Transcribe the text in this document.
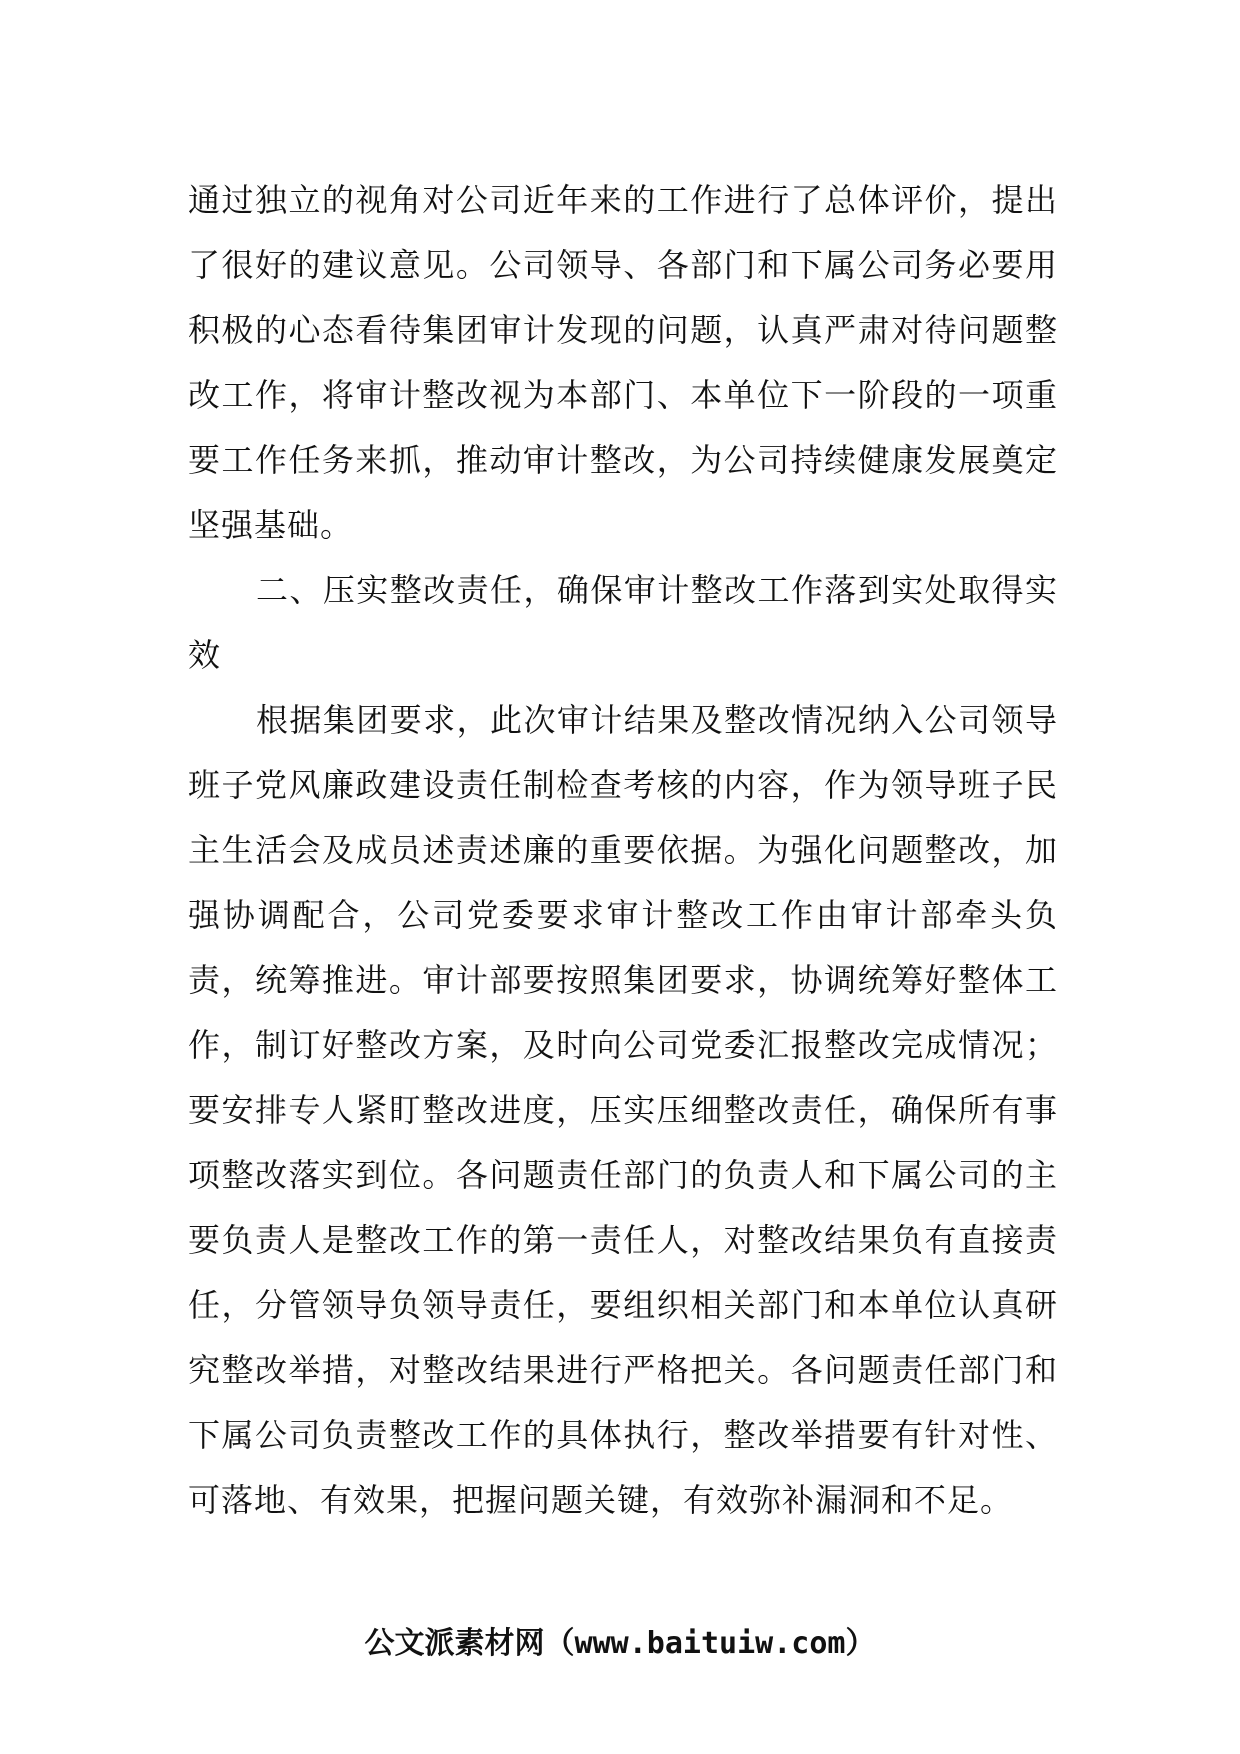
通过独立的视角对公司近年来的工作进行了总体评价，提出了很好的建议意见。公司领导、各部门和下属公司务必要用积极的心态看待集团审计发现的问题，认真严肃对待问题整改工作，将审计整改视为本部门、本单位下一阶段的一项重要工作任务来抓，推动审计整改，为公司持续健康发展奠定坚强基础。

二、压实整改责任，确保审计整改工作落到实处取得实效

根据集团要求，此次审计结果及整改情况纳入公司领导班子党风廉政建设责任制检查考核的内容，作为领导班子民主生活会及成员述责述廉的重要依据。为强化问题整改，加强协调配合，公司党委要求审计整改工作由审计部牵头负责，统筹推进。审计部要按照集团要求，协调统筹好整体工作，制订好整改方案，及时向公司党委汇报整改完成情况；要安排专人紧盯整改进度，压实压细整改责任，确保所有事项整改落实到位。各问题责任部门的负责人和下属公司的主要负责人是整改工作的第一责任人，对整改结果负有直接责任，分管领导负领导责任，要组织相关部门和本单位认真研究整改举措，对整改结果进行严格把关。各问题责任部门和下属公司负责整改工作的具体执行，整改举措要有针对性、可落地、有效果，把握问题关键，有效弥补漏洞和不足。

公文派素材网（www.baituiw.com）
